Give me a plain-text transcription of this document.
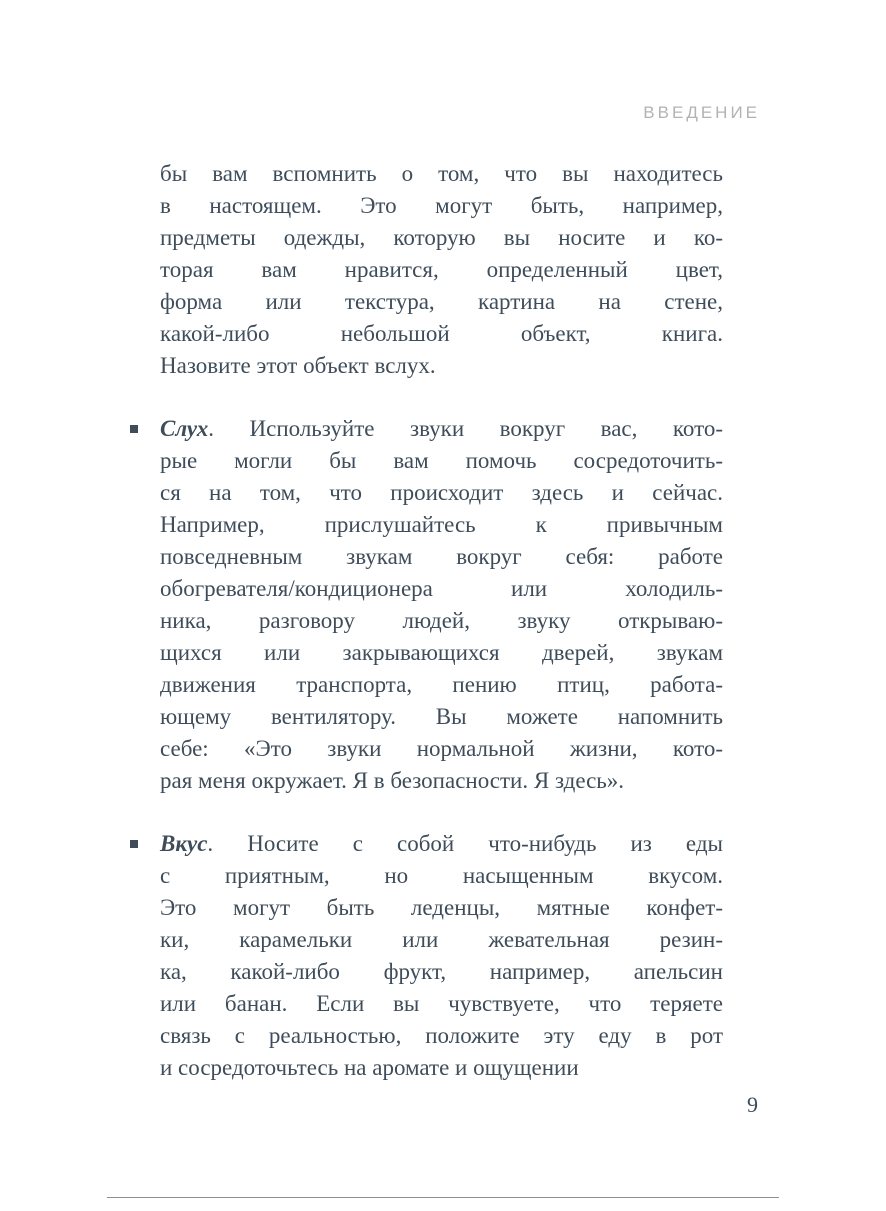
ВВЕДЕНИЕ
бы вам вспомнить о том, что вы находитесь
в настоящем. Это могут быть, например,
предметы одежды, которую вы носите и ко-
торая вам нравится, определенный цвет,
форма или текстура, картина на стене,
какой-либо небольшой объект, книга.
Назовите этот объект вслух.
Слух. Используйте звуки вокруг вас, кото-
рые могли бы вам помочь сосредоточить-
ся на том, что происходит здесь и сейчас.
Например, прислушайтесь к привычным
повседневным звукам вокруг себя: работе
обогревателя/кондиционера или холодиль-
ника, разговору людей, звуку открываю-
щихся или закрывающихся дверей, звукам
движения транспорта, пению птиц, работа-
ющему вентилятору. Вы можете напомнить
себе: «Это звуки нормальной жизни, кото-
рая меня окружает. Я в безопасности. Я здесь».
Вкус. Носите с собой что-нибудь из еды
с приятным, но насыщенным вкусом.
Это могут быть леденцы, мятные конфет-
ки, карамельки или жевательная резин-
ка, какой-либо фрукт, например, апельсин
или банан. Если вы чувствуете, что теряете
связь с реальностью, положите эту еду в рот
и сосредоточьтесь на аромате и ощущении
9
